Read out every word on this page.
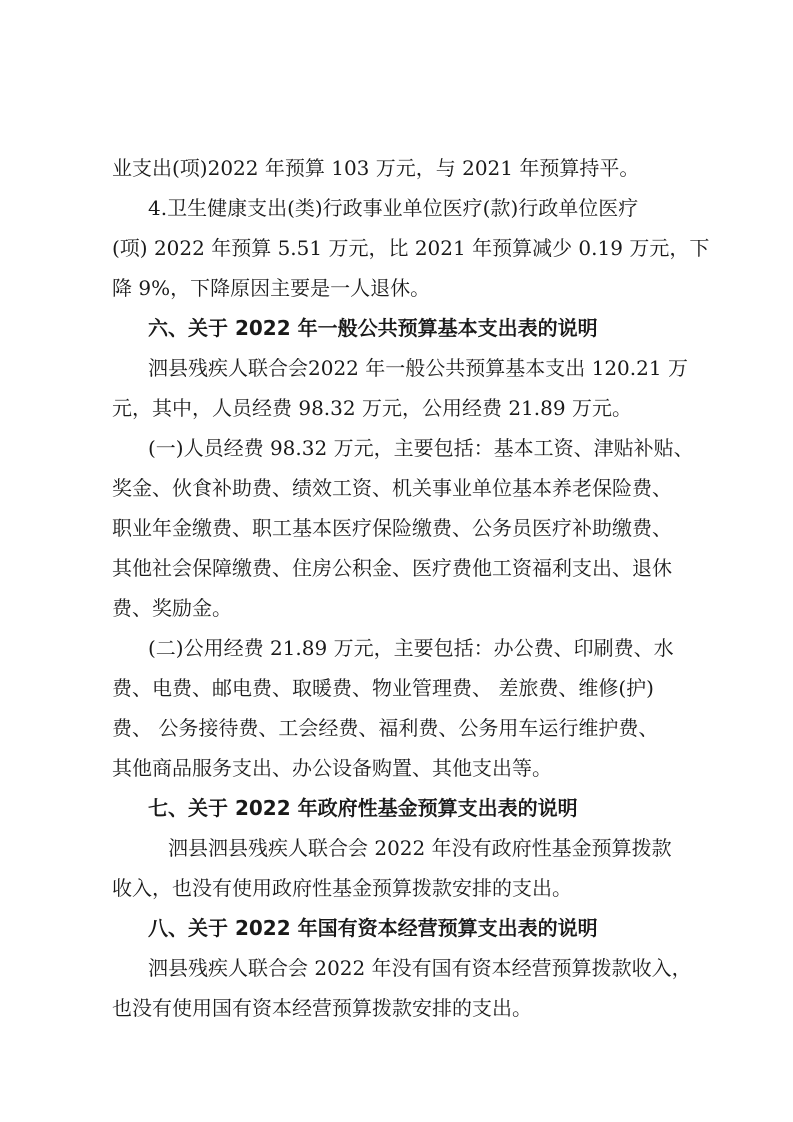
业支出(项)2022 年预算 103 万元，与 2021 年预算持平。
4.卫生健康支出(类)行政事业单位医疗(款)行政单位医疗
(项) 2022 年预算 5.51 万元，比 2021 年预算减少 0.19 万元，下
降 9%，下降原因主要是一人退休。
六、关于 2022 年一般公共预算基本支出表的说明
泗县残疾人联合会2022 年一般公共预算基本支出 120.21 万
元，其中，人员经费 98.32 万元，公用经费 21.89 万元。
(一)人员经费 98.32 万元，主要包括：基本工资、津贴补贴、
奖金、伙食补助费、绩效工资、机关事业单位基本养老保险费、
职业年金缴费、职工基本医疗保险缴费、公务员医疗补助缴费、
其他社会保障缴费、住房公积金、医疗费他工资福利支出、退休
费、奖励金。
(二)公用经费 21.89 万元，主要包括：办公费、印刷费、水
费、电费、邮电费、取暖费、物业管理费、 差旅费、维修(护)
费、 公务接待费、工会经费、福利费、公务用车运行维护费、
其他商品服务支出、办公设备购置、其他支出等。
七、关于 2022 年政府性基金预算支出表的说明
泗县泗县残疾人联合会 2022 年没有政府性基金预算拨款
收入，也没有使用政府性基金预算拨款安排的支出。
八、关于 2022 年国有资本经营预算支出表的说明
泗县残疾人联合会 2022 年没有国有资本经营预算拨款收入，
也没有使用国有资本经营预算拨款安排的支出。
